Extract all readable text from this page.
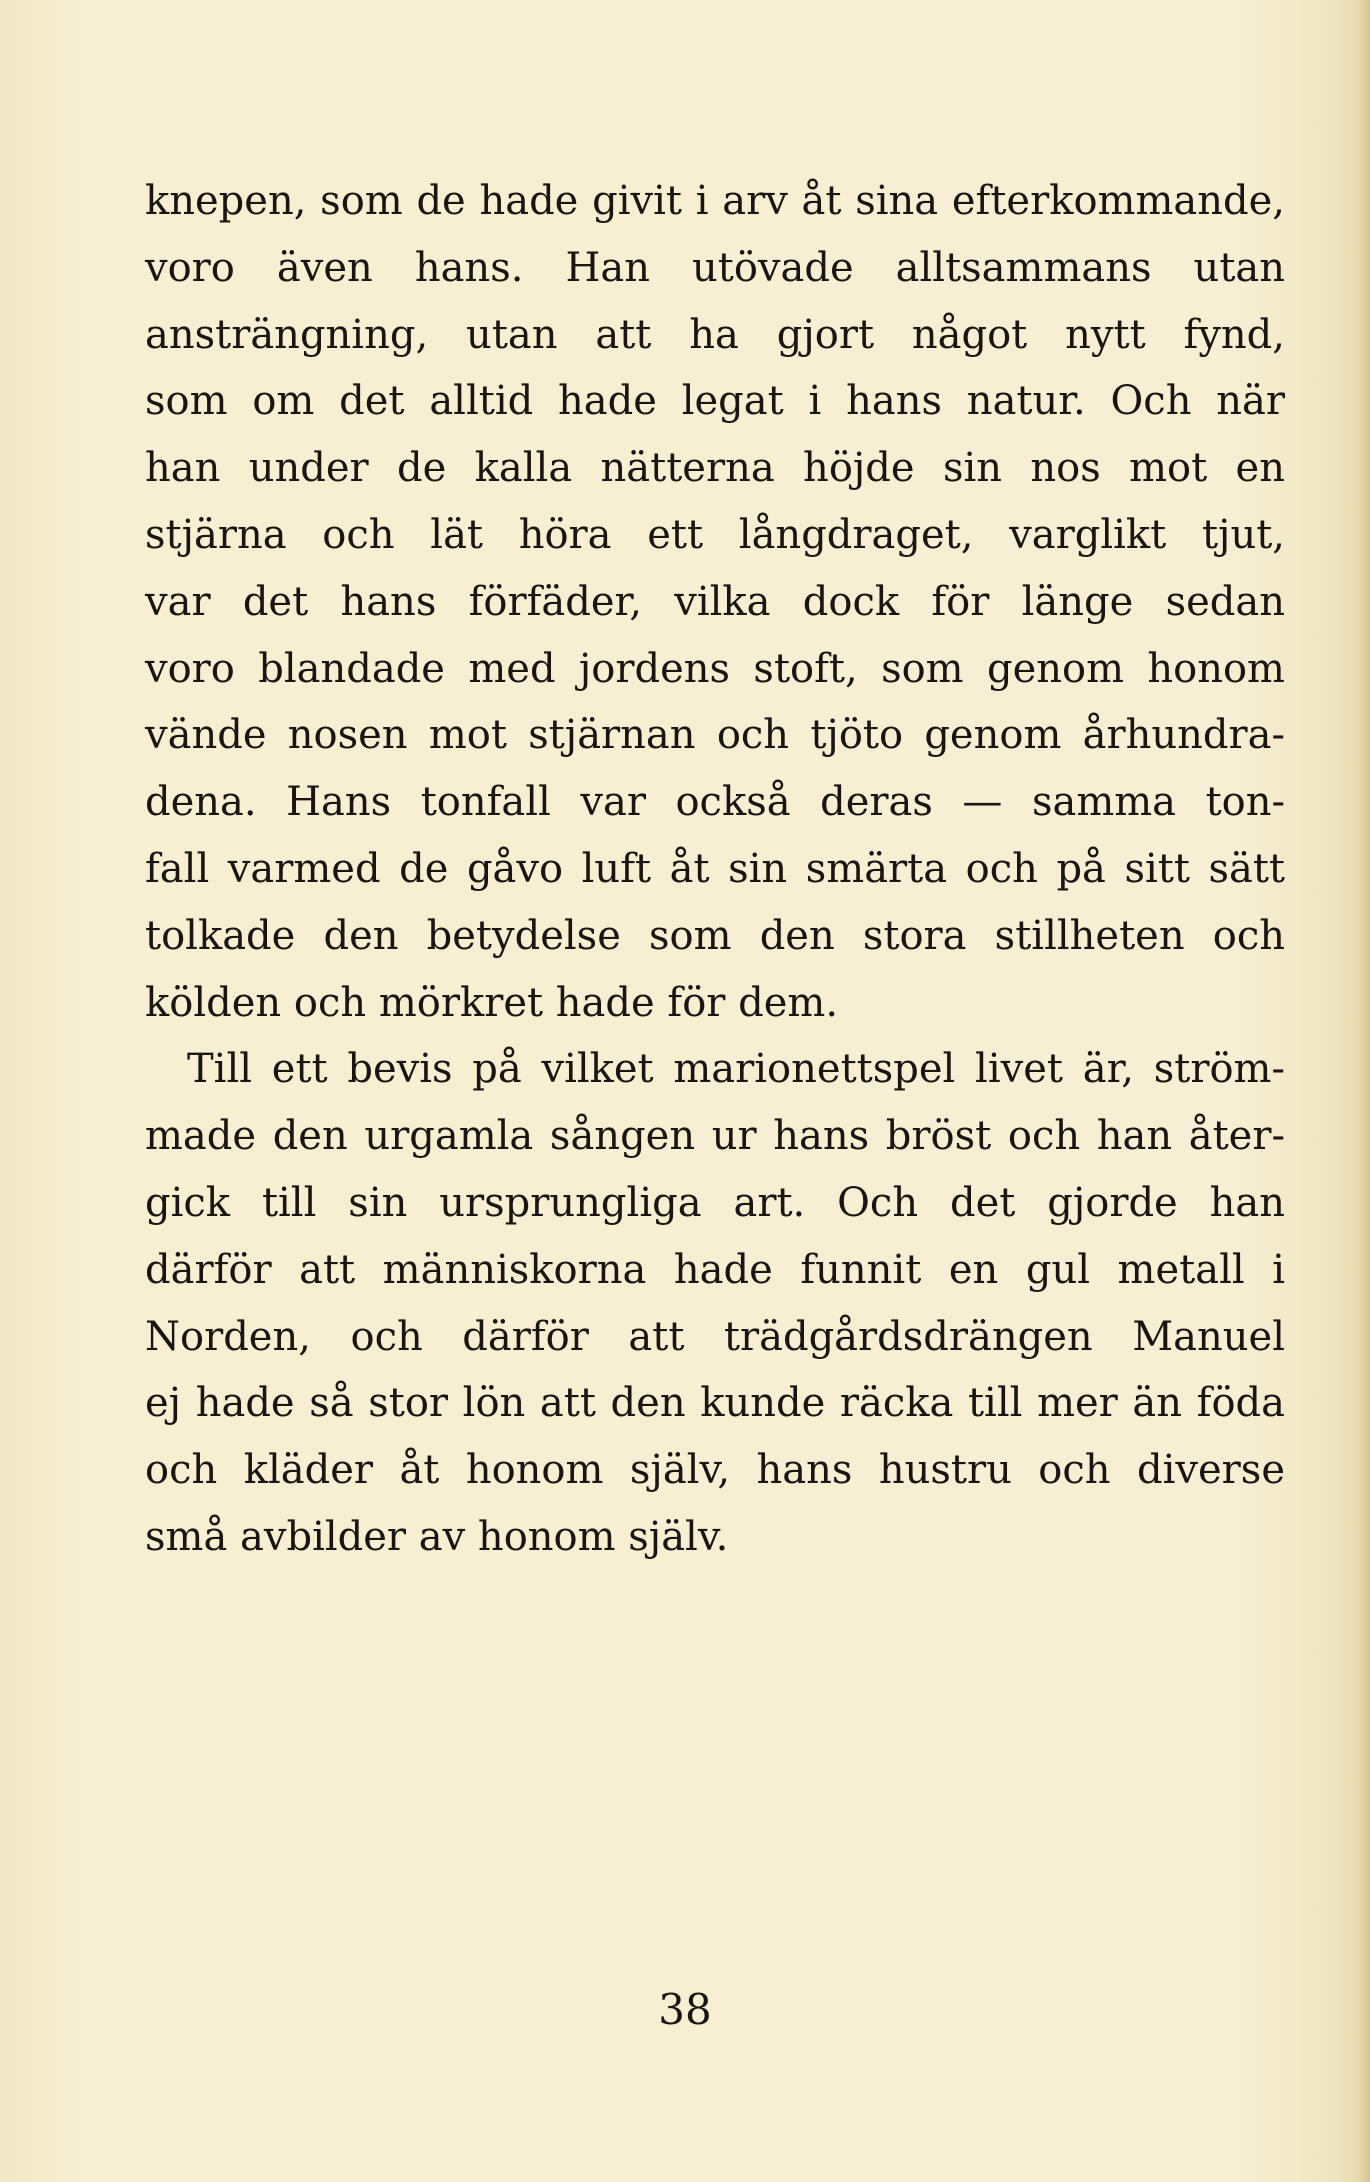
knepen, som de hade givit i arv åt sina efterkommande,
voro även hans. Han utövade alltsammans utan
ansträngning, utan att ha gjort något nytt fynd,
som om det alltid hade legat i hans natur. Och när
han under de kalla nätterna höjde sin nos mot en
stjärna och lät höra ett långdraget, varglikt tjut,
var det hans förfäder, vilka dock för länge sedan
voro blandade med jordens stoft, som genom honom
vände nosen mot stjärnan och tjöto genom århundra-
dena. Hans tonfall var också deras — samma ton-
fall varmed de gåvo luft åt sin smärta och på sitt sätt
tolkade den betydelse som den stora stillheten och
kölden och mörkret hade för dem.
Till ett bevis på vilket marionettspel livet är, ström-
made den urgamla sången ur hans bröst och han åter-
gick till sin ursprungliga art. Och det gjorde han
därför att människorna hade funnit en gul metall i
Norden, och därför att trädgårdsdrängen Manuel
ej hade så stor lön att den kunde räcka till mer än föda
och kläder åt honom själv, hans hustru och diverse
små avbilder av honom själv.
38
